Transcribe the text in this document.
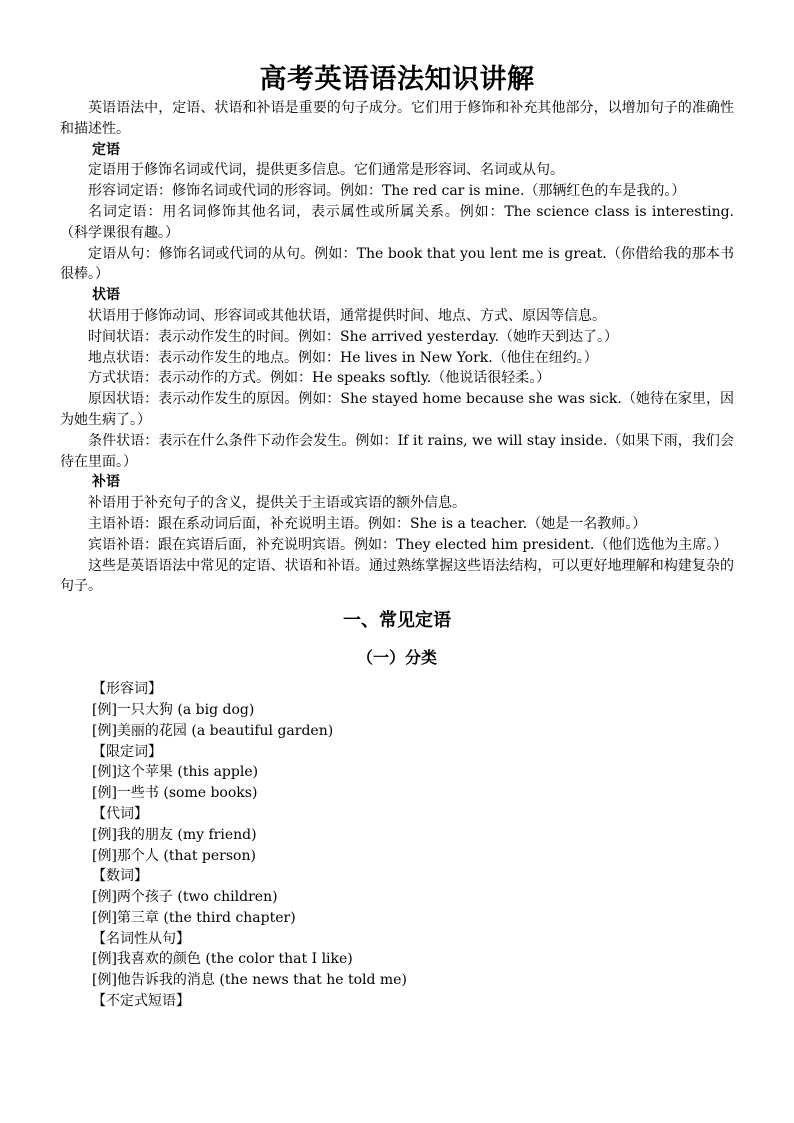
高考英语语法知识讲解

英语语法中，定语、状语和补语是重要的句子成分。它们用于修饰和补充其他部分，以增加句子的准确性和描述性。

定语

定语用于修饰名词或代词，提供更多信息。它们通常是形容词、名词或从句。

形容词定语：修饰名词或代词的形容词。例如：The red car is mine.（那辆红色的车是我的。）

名词定语：用名词修饰其他名词，表示属性或所属关系。例如：The science class is interesting.（科学课很有趣。）

定语从句：修饰名词或代词的从句。例如：The book that you lent me is great.（你借给我的那本书很棒。）

状语

状语用于修饰动词、形容词或其他状语，通常提供时间、地点、方式、原因等信息。

时间状语：表示动作发生的时间。例如：She arrived yesterday.（她昨天到达了。）

地点状语：表示动作发生的地点。例如：He lives in New York.（他住在纽约。）

方式状语：表示动作的方式。例如：He speaks softly.（他说话很轻柔。）

原因状语：表示动作发生的原因。例如：She stayed home because she was sick.（她待在家里，因为她生病了。）

条件状语：表示在什么条件下动作会发生。例如：If it rains, we will stay inside.（如果下雨，我们会待在里面。）

补语

补语用于补充句子的含义，提供关于主语或宾语的额外信息。

主语补语：跟在系动词后面，补充说明主语。例如：She is a teacher.（她是一名教师。）

宾语补语：跟在宾语后面，补充说明宾语。例如：They elected him president.（他们选他为主席。）

这些是英语语法中常见的定语、状语和补语。通过熟练掌握这些语法结构，可以更好地理解和构建复杂的句子。

一、常见定语
（一）分类

【形容词】

[例]一只大狗 (a big dog)

[例]美丽的花园 (a beautiful garden)

【限定词】

[例]这个苹果 (this apple)

[例]一些书 (some books)

【代词】

[例]我的朋友 (my friend)

[例]那个人 (that person)

【数词】

[例]两个孩子 (two children)

[例]第三章 (the third chapter)

【名词性从句】

[例]我喜欢的颜色 (the color that I like)

[例]他告诉我的消息 (the news that he told me)

【不定式短语】
